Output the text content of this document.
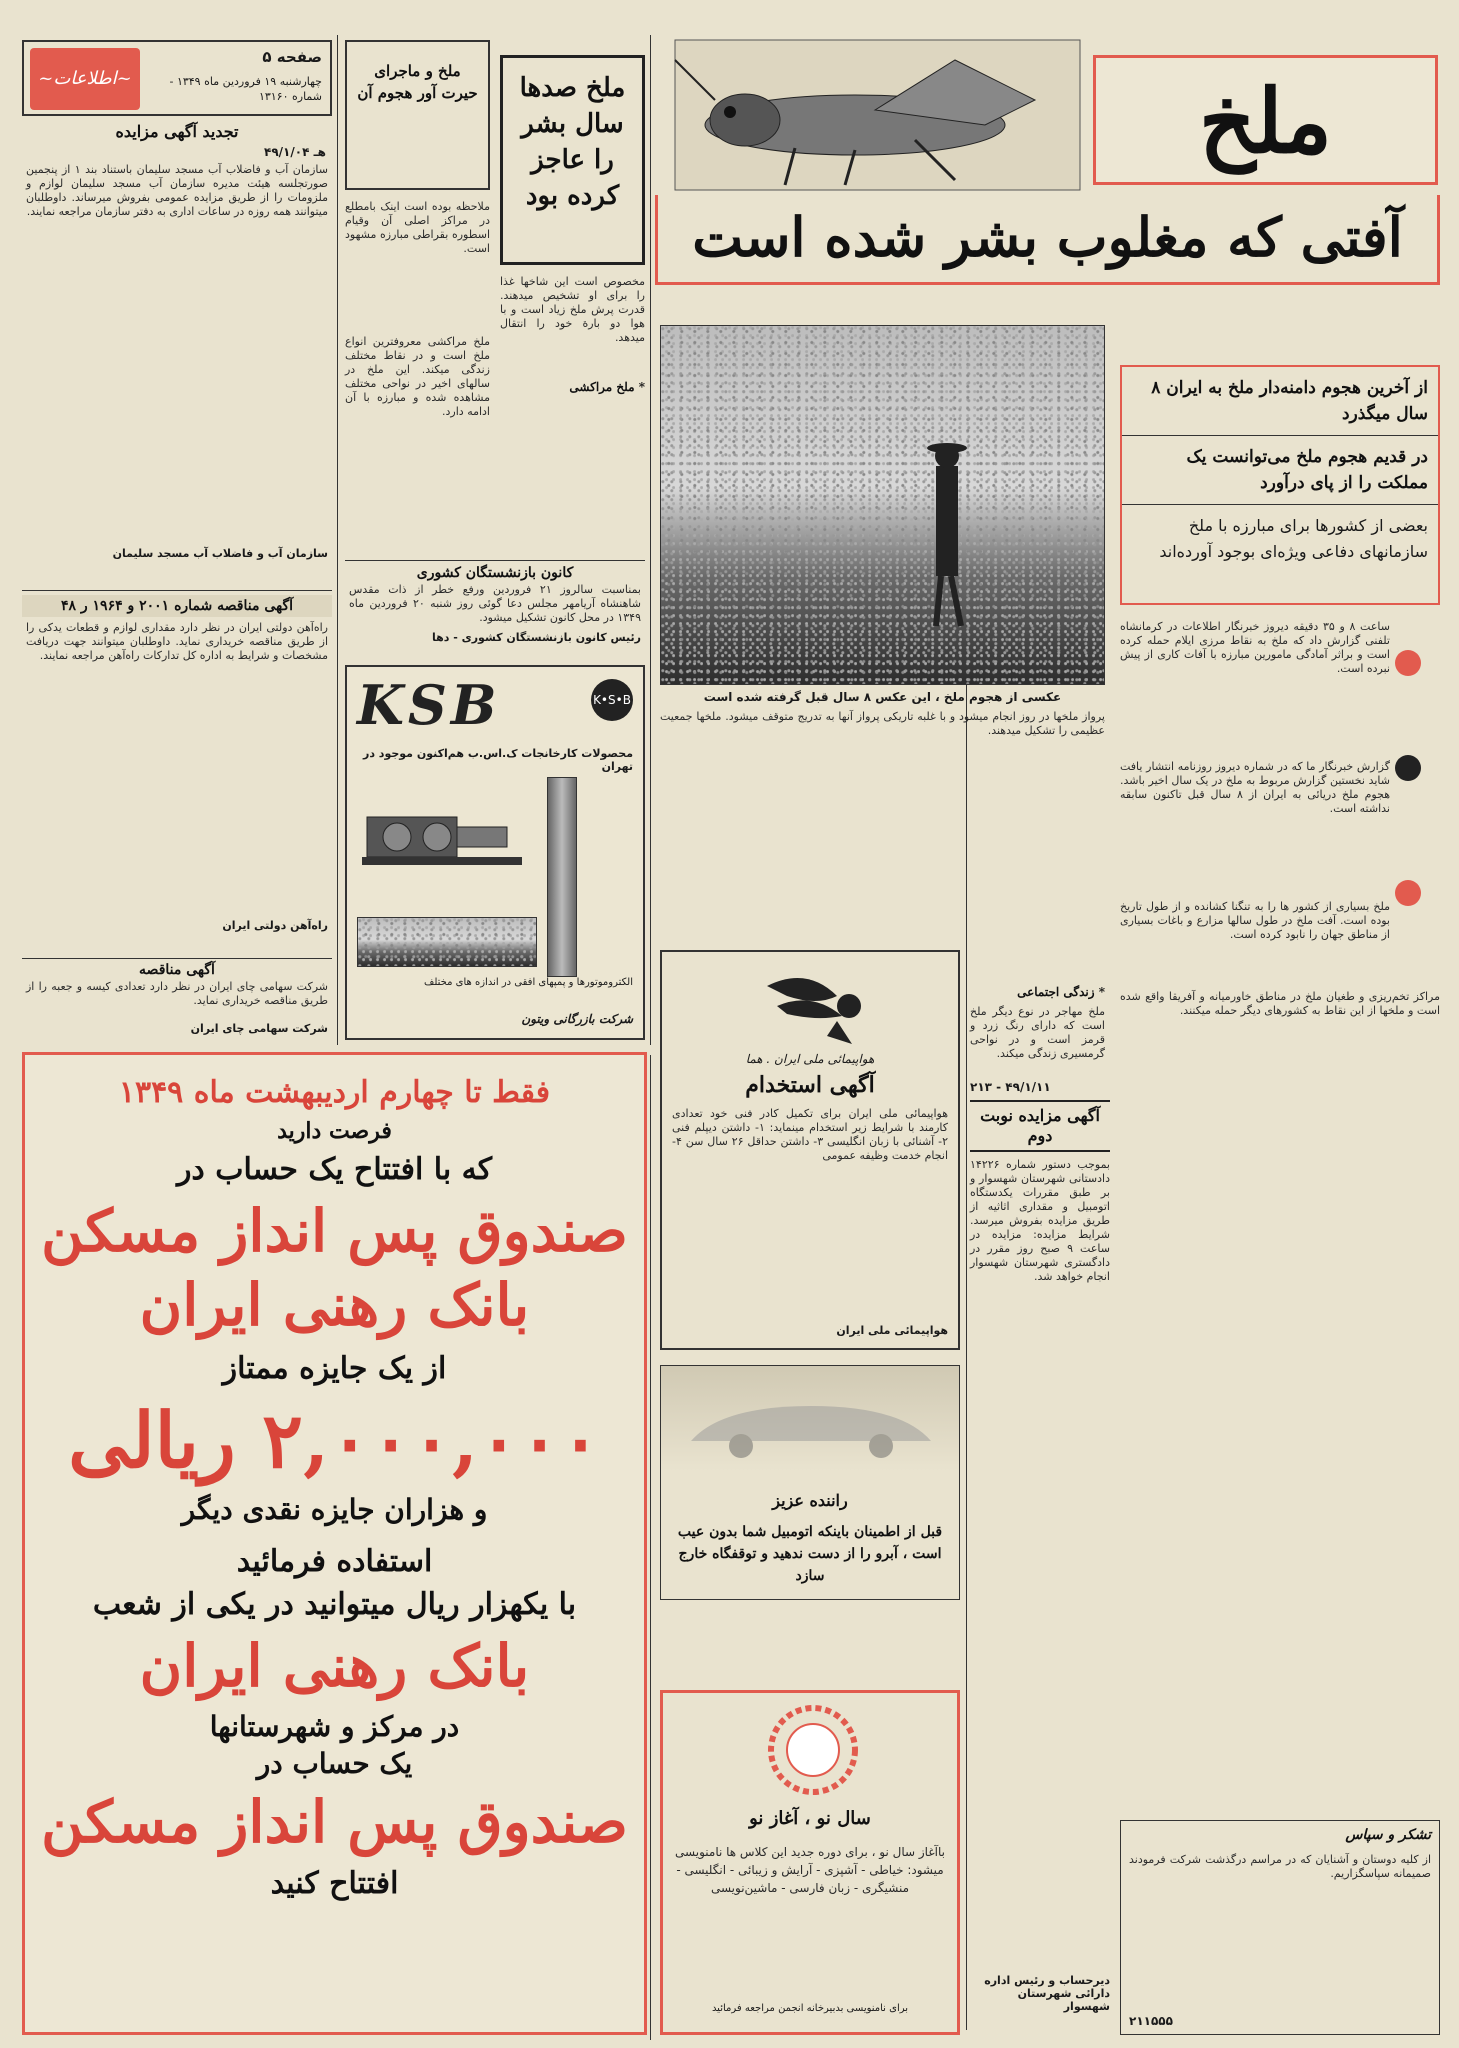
~اطلاعات~
صفحه ۵
چهارشنبه ۱۹ فروردین ماه ۱۳۴۹ - شماره ۱۳۱۶۰
تجدید آگهی مزایده
هـ ۴۹/۱/۰۴
سازمان آب و فاضلاب آب مسجد سلیمان باستناد بند ۱ از پنجمین صورتجلسه هیئت مدیره سازمان آب مسجد سلیمان لوازم و ملزومات را از طریق مزایده عمومی بفروش میرساند. داوطلبان میتوانند همه روزه در ساعات اداری به دفتر سازمان مراجعه نمایند.
سازمان آب و فاضلاب آب مسجد سلیمان
آگهی مناقصه شماره ۲۰۰۱ و ۱۹۶۴ ر ۴۸
راه‌آهن دولتی ایران در نظر دارد مقداری لوازم و قطعات یدکی را از طریق مناقصه خریداری نماید. داوطلبان میتوانند جهت دریافت مشخصات و شرایط به اداره کل تدارکات راه‌آهن مراجعه نمایند.
راه‌آهن دولتی ایران
آگهی مناقصه
شرکت سهامی چای ایران در نظر دارد تعدادی کیسه و جعبه را از طریق مناقصه خریداری نماید.
شرکت سهامی چای ایران
ملخ و ماجرای حیرت آور هجوم آن
ملاحظه بوده است اینک بامطلع در مراکز اصلی آن وقیام اسطوره بقراطی مبارزه مشهود است.
ملخ مراکشی معروفترین انواع ملخ است و در نقاط مختلف زندگی میکند. این ملخ در سالهای اخیر در نواحی مختلف مشاهده شده و مبارزه با آن ادامه دارد.
ملخ صدها سال بشر را عاجز کرده بود
مخصوص است این شاخها غذا را برای او تشخیص میدهند. قدرت پرش ملخ زیاد است و با هوا دو بارة خود را انتقال میدهد.
* ملخ مراکشی
کانون بازنشستگان کشوری
بمناسبت سالروز ۲۱ فروردین ورفع خطر از ذات مقدس شاهنشاه آریامهر مجلس دعا گوئی روز شنبه ۲۰ فروردین ماه ۱۳۴۹ در محل کانون تشکیل میشود.
رئیس کانون بازنشستگان کشوری - دها
KSB	K•S•B
محصولات کارخانجات ک.اس.ب هم‌اکنون موجود در تهران
الکتروموتورها و پمپهای افقی در اندازه های مختلف
شرکت بازرگانی ویتون
ملخ
آفتی که مغلوب بشر شده است
عکسی از هجوم ملخ ، این عکس ۸ سال قبل گرفته شده است
از آخرین هجوم دامنه‌دار ملخ به ایران ۸ سال میگذرد
در قدیم هجوم ملخ می‌توانست یک مملکت را از پای درآورد
بعضی از کشورها برای مبارزه با ملخ سازمانهای دفاعی ویژه‌ای بوجود آورده‌اند
ساعت ۸ و ۳۵ دقیقه دیروز خبرنگار اطلاعات در کرمانشاه تلفنی گزارش داد که ملخ به نقاط مرزی ایلام حمله کرده است و براثر آمادگی مامورین مبارزه با آفات کاری از پیش نبرده است.
گزارش خبرنگار ما که در شماره دیروز روزنامه انتشار یافت شاید نخستین گزارش مربوط به ملخ در یک سال اخیر باشد. هجوم ملخ دریائی به ایران از ۸ سال قبل تاکنون سابقه نداشته است.
ملخ بسیاری از کشور ها را به تنگنا کشانده و از طول تاریخ بوده است. آفت ملخ در طول سالها مزارع و باغات بسیاری از مناطق جهان را نابود کرده است.
پرواز ملخها در روز انجام میشود و با غلبه تاریکی پرواز آنها به تدریج متوقف میشود. ملخها جمعیت عظیمی را تشکیل میدهند.
* زندگی اجتماعی
ملخ مهاجر در نوع دیگر ملخ است که دارای رنگ زرد و قرمز است و در نواحی گرمسیری زندگی میکند.
مراکز تخم‌ریزی و طغیان ملخ در مناطق خاورمیانه و آفریقا واقع شده است و ملخها از این نقاط به کشورهای دیگر حمله میکنند.
تشکر و سپاس
از کلیه دوستان و آشنایان که در مراسم درگذشت شرکت فرمودند صمیمانه سپاسگزاریم.
۲۱۱۵۵۵
هواپیمائی ملی ایران . هما
آگهی استخدام
هواپیمائی ملی ایران برای تکمیل کادر فنی خود تعدادی کارمند با شرایط زیر استخدام مینماید: ۱- داشتن دیپلم فنی ۲- آشنائی با زبان انگلیسی ۳- داشتن حداقل ۲۶ سال سن ۴- انجام خدمت وظیفه عمومی
هواپیمائی ملی ایران
۲۱۳ - ۴۹/۱/۱۱
آگهی مزایده نوبت دوم
بموجب دستور شماره ۱۴۲۲۶ دادستانی شهرستان شهسوار و بر طبق مقررات یکدستگاه اتومبیل و مقداری اثاثیه از طریق مزایده بفروش میرسد. شرایط مزایده: مزایده در ساعت ۹ صبح روز مقرر در دادگستری شهرستان شهسوار انجام خواهد شد.
دیرحساب و رئیس اداره دارائی شهرستان شهسوار
راننده عزیز
قبل از اطمینان باینکه اتومبیل شما بدون عیب است ، آبرو را از دست ندهید و توقفگاه خارج سازد
سال نو ، آغاز نو
باآغاز سال نو ، برای دوره جدید این کلاس ها نامنویسی میشود: خیاطی - آشپزی - آرایش و زیبائی - انگلیسی - منشیگری - زبان فارسی - ماشین‌نویسی
برای نامنویسی بدبیرخانه انجمن مراجعه فرمائید
فقط تا چهارم اردیبهشت ماه ۱۳۴۹
فرصت دارید
که با افتتاح یک حساب در
صندوق پس انداز مسکن
بانک رهنی ایران
از یک جایزه ممتاز
۲,۰۰۰,۰۰۰ ریالی
و هزاران جایزه نقدی دیگر
استفاده فرمائید
با یکهزار ریال میتوانید در یکی از شعب
بانک رهنی ایران
در مرکز و شهرستانها
یک حساب در
صندوق پس انداز مسکن
افتتاح کنید
